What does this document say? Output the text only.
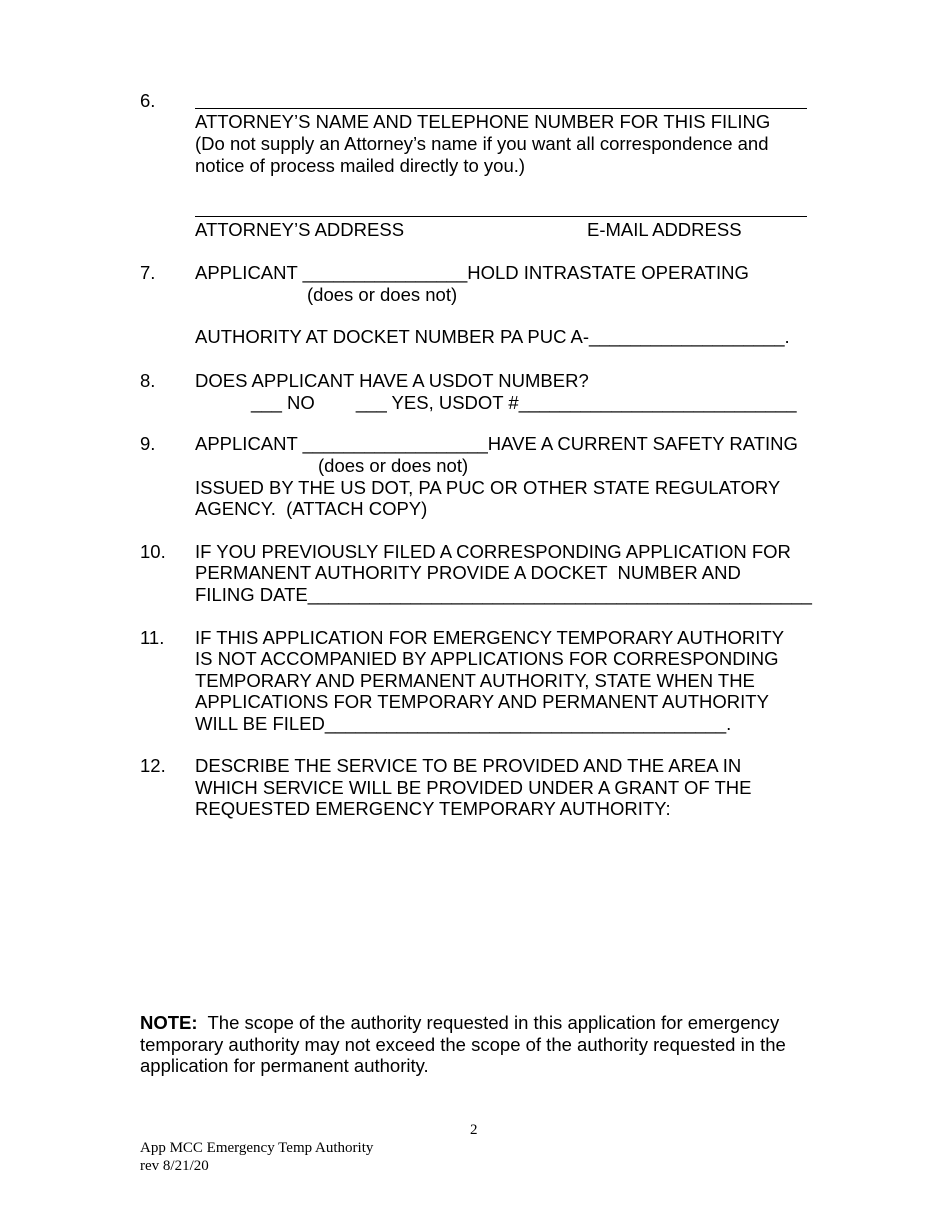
6.
ATTORNEY’S NAME AND TELEPHONE NUMBER FOR THIS FILING
(Do not supply an Attorney’s name if you want all correspondence and
notice of process mailed directly to you.)
ATTORNEY’S ADDRESS	E-MAIL ADDRESS
7. APPLICANT ________________HOLD INTRASTATE OPERATING
(does or does not)
AUTHORITY AT DOCKET NUMBER PA PUC A-___________________.
8. DOES APPLICANT HAVE A USDOT NUMBER?
___ NO        ___ YES, USDOT #___________________________
9. APPLICANT __________________HAVE A CURRENT SAFETY RATING
(does or does not)
ISSUED BY THE US DOT, PA PUC OR OTHER STATE REGULATORY
AGENCY.  (ATTACH COPY)
10. IF YOU PREVIOUSLY FILED A CORRESPONDING APPLICATION FOR
PERMANENT AUTHORITY PROVIDE A DOCKET  NUMBER AND
FILING DATE_________________________________________________
11. IF THIS APPLICATION FOR EMERGENCY TEMPORARY AUTHORITY
IS NOT ACCOMPANIED BY APPLICATIONS FOR CORRESPONDING
TEMPORARY AND PERMANENT AUTHORITY, STATE WHEN THE
APPLICATIONS FOR TEMPORARY AND PERMANENT AUTHORITY
WILL BE FILED_______________________________________.
12. DESCRIBE THE SERVICE TO BE PROVIDED AND THE AREA IN
WHICH SERVICE WILL BE PROVIDED UNDER A GRANT OF THE
REQUESTED EMERGENCY TEMPORARY AUTHORITY:
NOTE:  The scope of the authority requested in this application for emergency
temporary authority may not exceed the scope of the authority requested in the
application for permanent authority.
2
App MCC Emergency Temp Authority
rev 8/21/20
